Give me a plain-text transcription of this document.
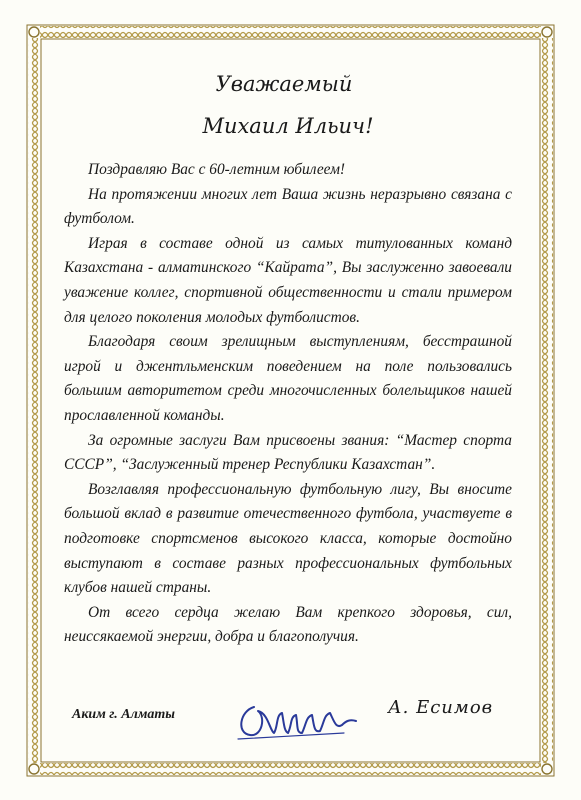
Уважаемый

Михаил Ильич!

Поздравляю Вас с 60-летним юбилеем!

На протяжении многих лет Ваша жизнь неразрывно связана с футболом.

Играя в составе одной из самых титулованных команд Казахстана - алматинского “Кайрата”, Вы заслуженно завоевали уважение коллег, спортивной общественности и стали примером для целого поколения молодых футболистов.

Благодаря своим зрелищным выступлениям, бесстрашной игрой и джентльменским поведением на поле пользовались большим авторитетом среди многочисленных болельщиков нашей прославленной команды.

За огромные заслуги Вам присвоены звания: “Мастер спорта СССР”, “Заслуженный тренер Республики Казахстан”.

Возглавляя профессиональную футбольную лигу, Вы вносите большой вклад в развитие отечественного футбола, участвуете в подготовке спортсменов высокого класса, которые достойно выступают в составе разных профессиональных футбольных клубов нашей страны.

От всего сердца желаю Вам крепкого здоровья, сил, неиссякаемой энергии, добра и благополучия.

Аким г. Алматы	А. Есимов
